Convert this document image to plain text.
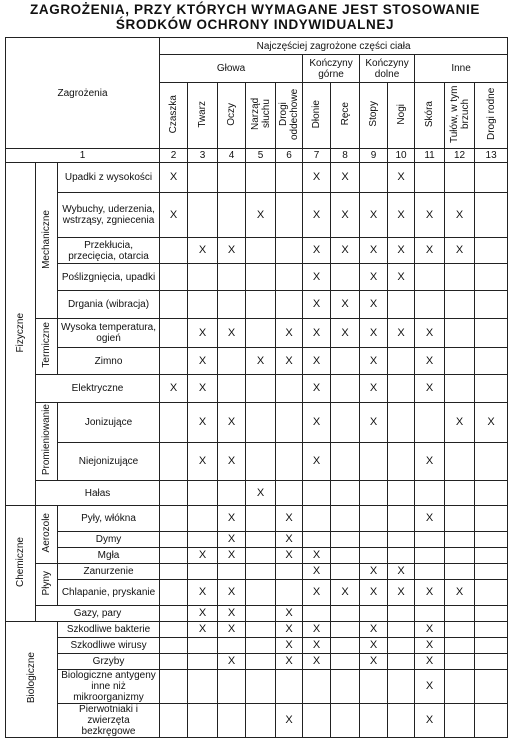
ZAGROŻENIA, PRZY KTÓRYCH WYMAGANE JEST STOSOWANIE
ŚRODKÓW OCHRONY INDYWIDUALNEJ
Zagrożenia			Najczęściej zagrożone części ciała											
			Głowa					Kończyny górne		Kończyny dolne		Inne		
			Czaszka	Twarz	Oczy	Narząd słuchu	Drogi oddechowe	Dłonie	Ręce	Stopy	Nogi	Skóra	Tułów, w tym brzuch	Drogi rodne
1			2	3	4	5	6	7	8	9	10	11	12	13
Fizyczne	Mechaniczne	Upadki z wysokości	X					X	X		X			
		Wybuchy, uderzenia, wstrząsy, zgniecenia	X			X		X	X	X	X	X	X	
		Przekłucia, przecięcia, otarcia		X	X			X	X	X	X	X	X	
		Poślizgnięcia, upadki						X		X	X			
		Drgania (wibracja)						X	X	X				
	Termiczne	Wysoka temperatura, ogień		X	X		X	X	X	X	X	X		
		Zimno		X		X	X	X		X		X		
	Elektryczne		X	X				X		X		X		
	Promieniowanie	Jonizujące		X	X			X		X			X	X
		Niejonizujące		X	X			X				X		
	Hałas					X								
Chemiczne	Aerozole	Pyły, włókna			X		X					X		
		Dymy			X		X							
		Mgła		X	X		X	X						
	Płyny	Zanurzenie						X		X	X			
		Chlapanie, pryskanie		X	X			X	X	X	X	X	X	
	Gazy, pary			X	X		X							
Biologiczne		Szkodliwe bakterie		X	X		X	X		X		X		
		Szkodliwe wirusy					X	X		X		X		
		Grzyby			X		X	X		X		X		
		Biologiczne antygeny inne niż mikroorganizmy										X		
		Pierwotniaki i zwierzęta bezkręgowe					X					X		
